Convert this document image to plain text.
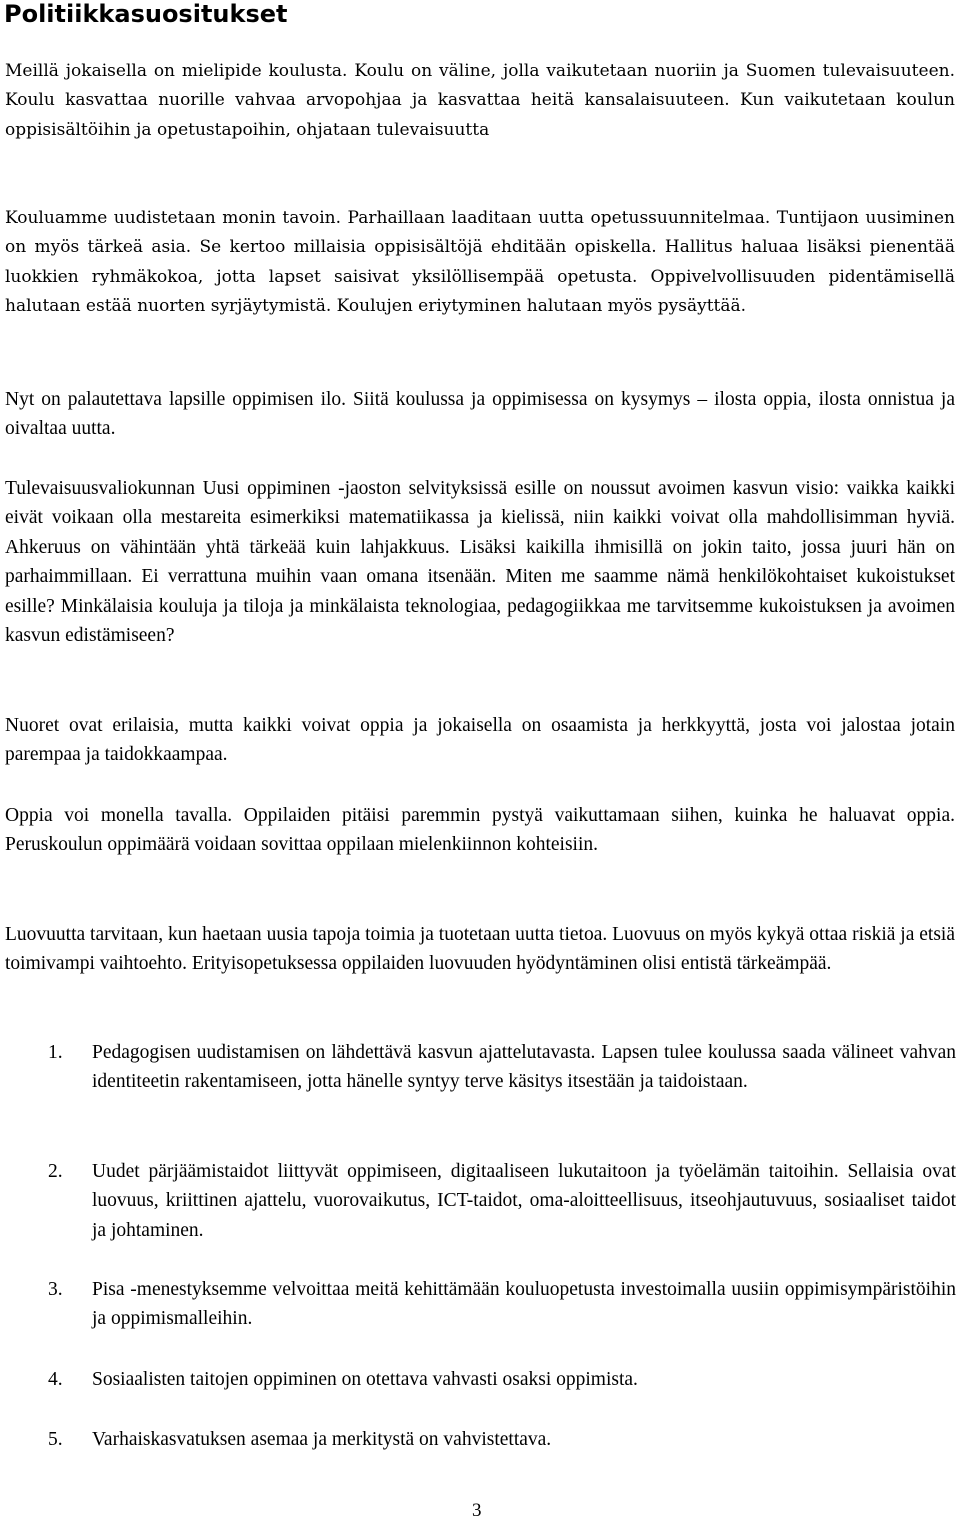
Politiikkasuositukset

Meillä jokaisella on mielipide koulusta. Koulu on väline, jolla vaikutetaan nuoriin ja Suomen tulevaisuuteen. Koulu kasvattaa nuorille vahvaa arvopohjaa ja kasvattaa heitä kansalaisuuteen. Kun vaikutetaan koulun oppisisältöihin ja opetustapoihin, ohjataan tulevaisuutta

Kouluamme uudistetaan monin tavoin. Parhaillaan laaditaan uutta opetussuunnitelmaa. Tuntijaon uusiminen on myös tärkeä asia. Se kertoo millaisia oppisisältöjä ehditään opiskella. Hallitus haluaa lisäksi pienentää luokkien ryhmäkokoa, jotta lapset saisivat yksilöllisempää opetusta. Oppivelvollisuuden pidentämisellä halutaan estää nuorten syrjäytymistä. Koulujen eriytyminen halutaan myös pysäyttää.

Nyt on palautettava lapsille oppimisen ilo. Siitä koulussa ja oppimisessa on kysymys – ilosta oppia, ilosta onnistua ja oivaltaa uutta.

Tulevaisuusvaliokunnan Uusi oppiminen -jaoston selvityksissä esille on noussut avoimen kasvun visio: vaikka kaikki eivät voikaan olla mestareita esimerkiksi matematiikassa ja kielissä, niin kaikki voivat olla mahdollisimman hyviä. Ahkeruus on vähintään yhtä tärkeää kuin lahjakkuus. Lisäksi kaikilla ihmisillä on jokin taito, jossa juuri hän on parhaimmillaan. Ei verrattuna muihin vaan omana itsenään. Miten me saamme nämä henkilökohtaiset kukoistukset esille? Minkälaisia kouluja ja tiloja ja minkälaista teknologiaa, pedagogiikkaa me tarvitsemme kukoistuksen ja avoimen kasvun edistämiseen?

Nuoret ovat erilaisia, mutta kaikki voivat oppia ja jokaisella on osaamista ja herkkyyttä, josta voi jalostaa jotain parempaa ja taidokkaampaa.

Oppia voi monella tavalla. Oppilaiden pitäisi paremmin pystyä vaikuttamaan siihen, kuinka he haluavat oppia. Peruskoulun oppimäärä voidaan sovittaa oppilaan mielenkiinnon kohteisiin.

Luovuutta tarvitaan, kun haetaan uusia tapoja toimia ja tuotetaan uutta tietoa. Luovuus on myös kykyä ottaa riskiä ja etsiä toimivampi vaihtoehto. Erityisopetuksessa oppilaiden luovuuden hyödyntäminen olisi entistä tärkeämpää.

1. Pedagogisen uudistamisen on lähdettävä kasvun ajattelutavasta. Lapsen tulee koulussa saada välineet vahvan identiteetin rakentamiseen, jotta hänelle syntyy terve käsitys itsestään ja taidoistaan.
2. Uudet pärjäämistaidot liittyvät oppimiseen, digitaaliseen lukutaitoon ja työelämän taitoihin. Sellaisia ovat luovuus, kriittinen ajattelu, vuorovaikutus, ICT-taidot, oma-aloitteellisuus, itseohjautuvuus, sosiaaliset taidot ja johtaminen.
3. Pisa -menestyksemme velvoittaa meitä kehittämään kouluopetusta investoimalla uusiin oppimisympäristöihin ja oppimismalleihin.
4. Sosiaalisten taitojen oppiminen on otettava vahvasti osaksi oppimista.
5. Varhaiskasvatuksen asemaa ja merkitystä on vahvistettava.
3
